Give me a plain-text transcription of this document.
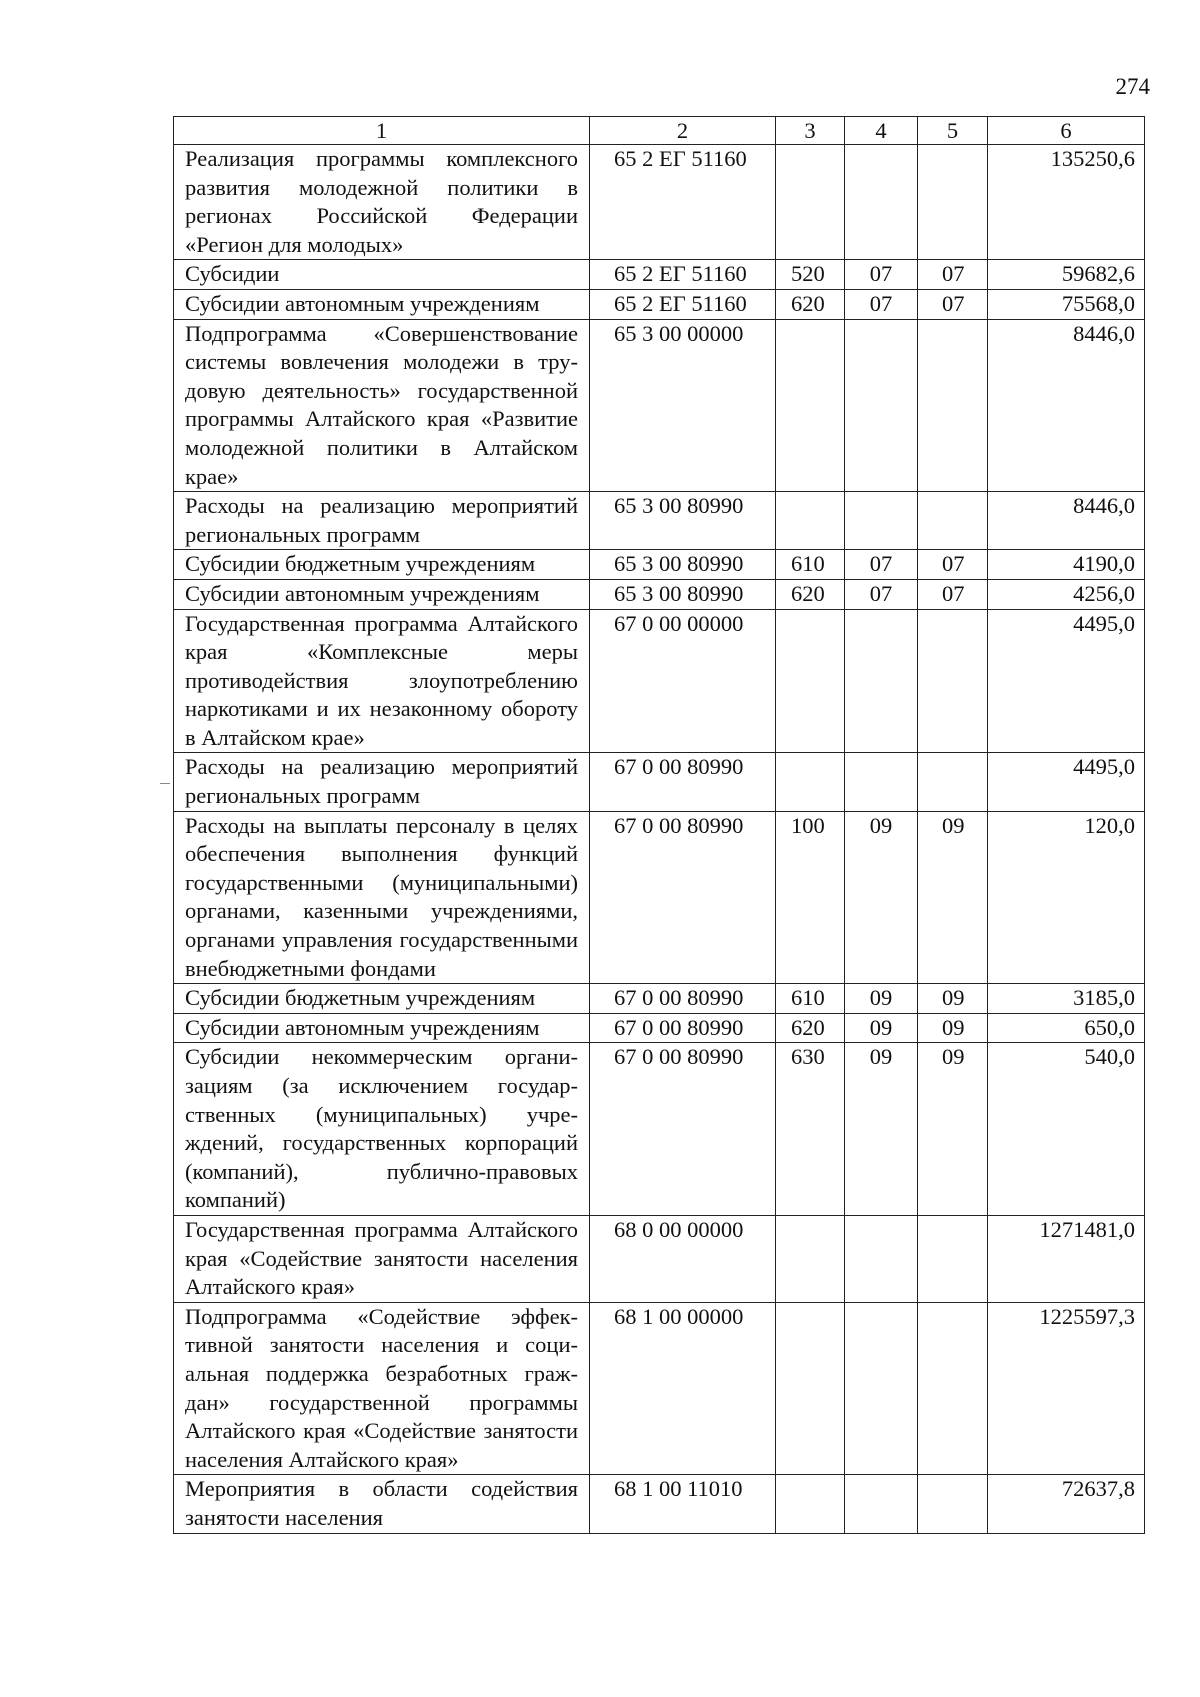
274
1	2	3	4	5	6
Реализация программы комплексного развития молодежной политики в регионах Российской Федерации «Регион для молодых»	65 2 ЕГ 51160				135250,6
Субсидии	65 2 ЕГ 51160	520	07	07	59682,6
Субсидии автономным учреждениям	65 2 ЕГ 51160	620	07	07	75568,0
Подпрограмма «Совершенствование системы вовлечения молодежи в трудовую деятельность» государственной программы Алтайского края «Развитие молодежной политики в Алтайском крае»	65 3 00 00000				8446,0
Расходы на реализацию мероприятий региональных программ	65 3 00 80990				8446,0
Субсидии бюджетным учреждениям	65 3 00 80990	610	07	07	4190,0
Субсидии автономным учреждениям	65 3 00 80990	620	07	07	4256,0
Государственная программа Алтайского края «Комплексные меры противодействия злоупотреблению наркотиками и их незаконному обороту в Алтайском крае»	67 0 00 00000				4495,0
Расходы на реализацию мероприятий региональных программ	67 0 00 80990				4495,0
Расходы на выплаты персоналу в целях обеспечения выполнения функций государственными (муниципальными) органами, казенными учреждениями, органами управления государственными внебюджетными фондами	67 0 00 80990	100	09	09	120,0
Субсидии бюджетным учреждениям	67 0 00 80990	610	09	09	3185,0
Субсидии автономным учреждениям	67 0 00 80990	620	09	09	650,0
Субсидии некоммерческим организациям (за исключением государственных (муниципальных) учреждений, государственных корпораций (компаний), публично-правовых компаний)	67 0 00 80990	630	09	09	540,0
Государственная программа Алтайского края «Содействие занятости населения Алтайского края»	68 0 00 00000				1271481,0
Подпрограмма «Содействие эффективной занятости населения и социальная поддержка безработных граждан» государственной программы Алтайского края «Содействие занятости населения Алтайского края»	68 1 00 00000				1225597,3
Мероприятия в области содействия занятости населения	68 1 00 11010				72637,8
